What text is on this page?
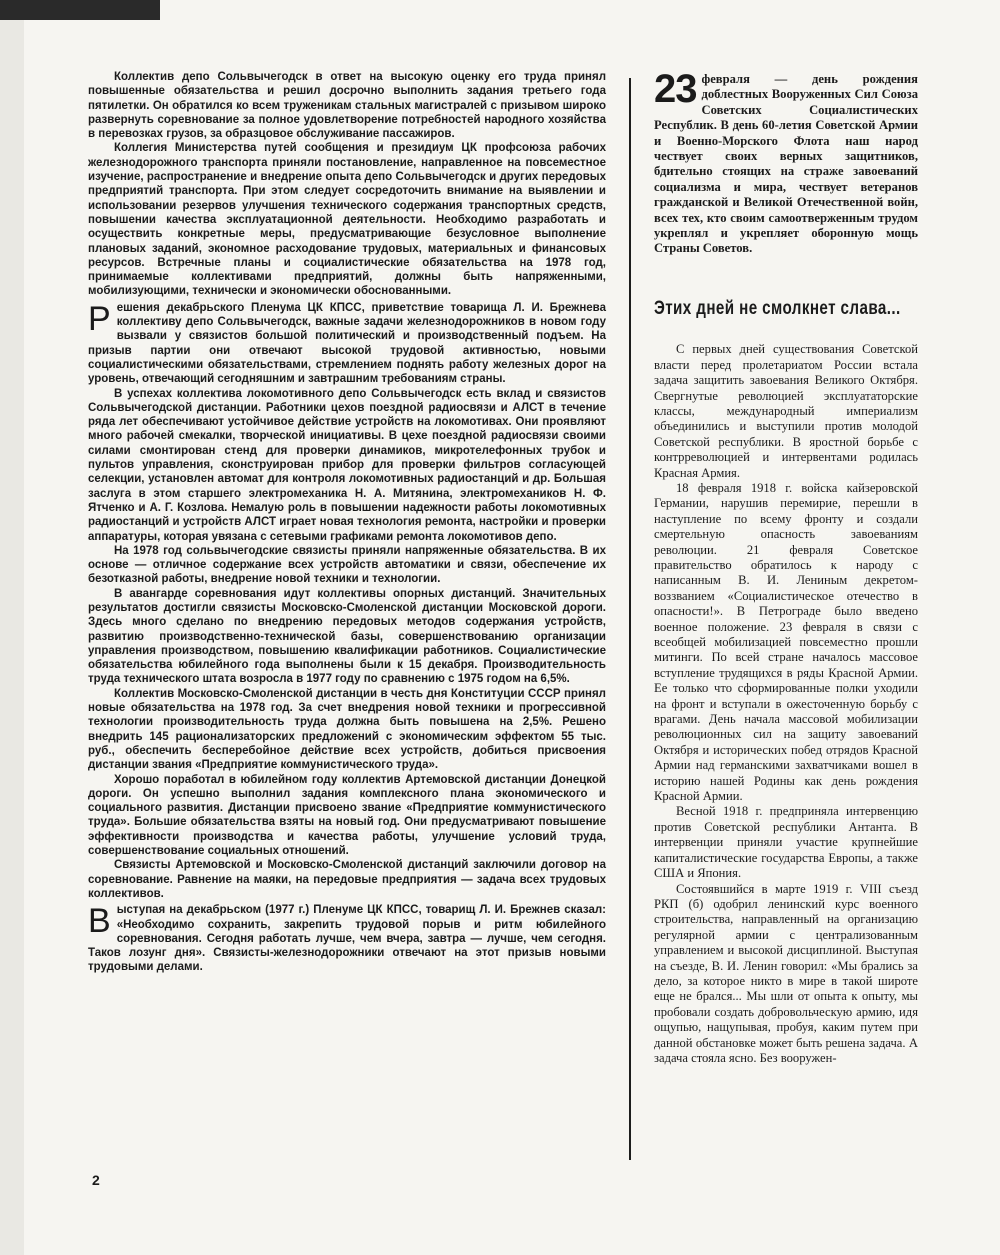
Коллектив депо Сольвычегодск в ответ на высокую оценку его труда принял повышенные обязательства и решил досрочно выполнить задания третьего года пятилетки. Он обратился ко всем труженикам стальных магистралей с призывом широко развернуть соревнование за полное удовлетворение потребностей народного хозяйства в перевозках грузов, за образцовое обслуживание пассажиров.

Коллегия Министерства путей сообщения и президиум ЦК профсоюза рабочих железнодорожного транспорта приняли постановление, направленное на повсеместное изучение, распространение и внедрение опыта депо Сольвычегодск и других передовых предприятий транспорта. При этом следует сосредоточить внимание на выявлении и использовании резервов улучшения технического содержания транспортных средств, повышении качества эксплуатационной деятельности. Необходимо разработать и осуществить конкретные меры, предусматривающие безусловное выполнение плановых заданий, экономное расходование трудовых, материальных и финансовых ресурсов. Встречные планы и социалистические обязательства на 1978 год, принимаемые коллективами предприятий, должны быть напряженными, мобилизующими, технически и экономически обоснованными.

Решения декабрьского Пленума ЦК КПСС, приветствие товарища Л. И. Брежнева коллективу депо Сольвычегодск, важные задачи железнодорожников в новом году вызвали у связистов большой политический и производственный подъем. На призыв партии они отвечают высокой трудовой активностью, новыми социалистическими обязательствами, стремлением поднять работу железных дорог на уровень, отвечающий сегодняшним и завтрашним требованиям страны.

В успехах коллектива локомотивного депо Сольвычегодск есть вклад и связистов Сольвычегодской дистанции. Работники цехов поездной радиосвязи и АЛСТ в течение ряда лет обеспечивают устойчивое действие устройств на локомотивах. Они проявляют много рабочей смекалки, творческой инициативы. В цехе поездной радиосвязи своими силами смонтирован стенд для проверки динамиков, микротелефонных трубок и пультов управления, сконструирован прибор для проверки фильтров согласующей селекции, установлен автомат для контроля локомотивных радиостанций и др. Большая заслуга в этом старшего электромеханика Н. А. Митянина, электромехаников Н. Ф. Ятченко и А. Г. Козлова. Немалую роль в повышении надежности работы локомотивных радиостанций и устройств АЛСТ играет новая технология ремонта, настройки и проверки аппаратуры, которая увязана с сетевыми графиками ремонта локомотивов депо.

На 1978 год сольвычегодские связисты приняли напряженные обязательства. В их основе — отличное содержание всех устройств автоматики и связи, обеспечение их безотказной работы, внедрение новой техники и технологии.

В авангарде соревнования идут коллективы опорных дистанций. Значительных результатов достигли связисты Московско-Смоленской дистанции Московской дороги. Здесь много сделано по внедрению передовых методов содержания устройств, развитию производственно-технической базы, совершенствованию организации управления производством, повышению квалификации работников. Социалистические обязательства юбилейного года выполнены были к 15 декабря. Производительность труда технического штата возросла в 1977 году по сравнению с 1975 годом на 6,5%.

Коллектив Московско-Смоленской дистанции в честь дня Конституции СССР принял новые обязательства на 1978 год. За счет внедрения новой техники и прогрессивной технологии производительность труда должна быть повышена на 2,5%. Решено внедрить 145 рационализаторских предложений с экономическим эффектом 55 тыс. руб., обеспечить бесперебойное действие всех устройств, добиться присвоения дистанции звания «Предприятие коммунистического труда».

Хорошо поработал в юбилейном году коллектив Артемовской дистанции Донецкой дороги. Он успешно выполнил задания комплексного плана экономического и социального развития. Дистанции присвоено звание «Предприятие коммунистического труда». Большие обязательства взяты на новый год. Они предусматривают повышение эффективности производства и качества работы, улучшение условий труда, совершенствование социальных отношений.

Связисты Артемовской и Московско-Смоленской дистанций заключили договор на соревнование. Равнение на маяки, на передовые предприятия — задача всех трудовых коллективов.

Выступая на декабрьском (1977 г.) Пленуме ЦК КПСС, товарищ Л. И. Брежнев сказал: «Необходимо сохранить, закрепить трудовой порыв и ритм юбилейного соревнования. Сегодня работать лучше, чем вчера, завтра — лучше, чем сегодня. Таков лозунг дня». Связисты-железнодорожники отвечают на этот призыв новыми трудовыми делами.

23 февраля — день рождения доблестных Вооруженных Сил Союза Советских Социалистических Республик. В день 60-летия Советской Армии и Военно-Морского Флота наш народ чествует своих верных защитников, бдительно стоящих на страже завоеваний социализма и мира, чествует ветеранов гражданской и Великой Отечественной войн, всех тех, кто своим самоотверженным трудом укреплял и укрепляет оборонную мощь Страны Советов.
Этих дней не смолкнет слава...

С первых дней существования Советской власти перед пролетариатом России встала задача защитить завоевания Великого Октября. Свергнутые революцией эксплуататорские классы, международный империализм объединились и выступили против молодой Советской республики. В яростной борьбе с контрреволюцией и интервентами родилась Красная Армия.

18 февраля 1918 г. войска кайзеровской Германии, нарушив перемирие, перешли в наступление по всему фронту и создали смертельную опасность завоеваниям революции. 21 февраля Советское правительство обратилось к народу с написанным В. И. Лениным декретом-воззванием «Социалистическое отечество в опасности!». В Петрограде было введено военное положение. 23 февраля в связи с всеобщей мобилизацией повсеместно прошли митинги. По всей стране началось массовое вступление трудящихся в ряды Красной Армии. Ее только что сформированные полки уходили на фронт и вступали в ожесточенную борьбу с врагами. День начала массовой мобилизации революционных сил на защиту завоеваний Октября и исторических побед отрядов Красной Армии над германскими захватчиками вошел в историю нашей Родины как день рождения Красной Армии.

Весной 1918 г. предприняла интервенцию против Советской республики Антанта. В интервенции приняли участие крупнейшие капиталистические государства Европы, а также США и Япония.

Состоявшийся в марте 1919 г. VIII съезд РКП (б) одобрил ленинский курс военного строительства, направленный на организацию регулярной армии с централизованным управлением и высокой дисциплиной. Выступая на съезде, В. И. Ленин говорил: «Мы брались за дело, за которое никто в мире в такой широте еще не брался... Мы шли от опыта к опыту, мы пробовали создать добровольческую армию, идя ощупью, нащупывая, пробуя, каким путем при данной обстановке может быть решена задача. А задача стояла ясно. Без вооружен-

2
